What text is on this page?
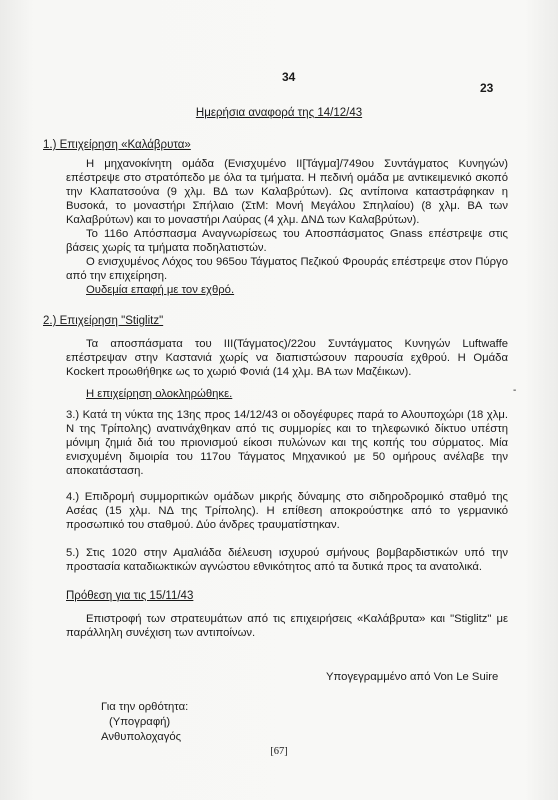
34
23
Ημερήσια αναφορά της 14/12/43
1.) Επιχείρηση «Καλάβρυτα»
Η μηχανοκίνητη ομάδα (Ενισχυμένο ΙΙ[Τάγμα]/749ου Συντάγματος Κυνηγών) επέστρεψε στο στρατόπεδο με όλα τα τμήματα. Η πεδινή ομάδα με αντικειμενικό σκοπό την Κλαπατσούνα (9 χλμ. ΒΔ των Καλαβρύτων). Ως αντίποινα καταστράφηκαν η Βυσοκά, το μοναστήρι Σπήλαιο (ΣτΜ: Μονή Μεγάλου Σπηλαίου) (8 χλμ. ΒΑ των Καλαβρύτων) και το μοναστήρι Λαύρας (4 χλμ. ΔΝΔ των Καλαβρύτων).
Το 116ο Απόσπασμα Αναγνωρίσεως του Αποσπάσματος Gnass επέστρεψε στις βάσεις χωρίς τα τμήματα ποδηλατιστών.
Ο ενισχυμένος Λόχος του 965ου Τάγματος Πεζικού Φρουράς επέστρεψε στον Πύργο από την επιχείρηση.
Ουδεμία επαφή με τον εχθρό.
2.) Επιχείρηση "Stiglitz"
Τα αποσπάσματα του ΙΙΙ(Τάγματος)/22ου Συντάγματος Κυνηγών Luftwaffe επέστρεψαν στην Καστανιά χωρίς να διαπιστώσουν παρουσία εχθρού. Η Ομάδα Kockert προωθήθηκε ως το χωριό Φονιά (14 χλμ. ΒΑ των Μαζέικων).
Η επιχείρηση ολοκληρώθηκε.	-
3.) Κατά τη νύκτα της 13ης προς 14/12/43 οι οδογέφυρες παρά το Αλουποχώρι (18 χλμ. Ν της Τρίπολης) ανατινάχθηκαν από τις συμμορίες και το τηλεφωνικό δίκτυο υπέστη μόνιμη ζημιά διά του πριονισμού είκοσι πυλώνων και της κοπής του σύρματος. Μία ενισχυμένη διμοιρία του 117ου Τάγματος Μηχανικού με 50 ομήρους ανέλαβε την αποκατάσταση.
4.) Επιδρομή συμμοριτικών ομάδων μικρής δύναμης στο σιδηροδρομικό σταθμό της Ασέας (15 χλμ. ΝΔ της Τρίπολης). Η επίθεση αποκρούστηκε από το γερμανικό προσωπικό του σταθμού. Δύο άνδρες τραυματίστηκαν.
5.) Στις 1020 στην Αμαλιάδα διέλευση ισχυρού σμήνους βομβαρδιστικών υπό την προστασία καταδιωκτικών αγνώστου εθνικότητος από τα δυτικά προς τα ανατολικά.
Πρόθεση για τις 15/11/43
Επιστροφή των στρατευμάτων από τις επιχειρήσεις «Καλάβρυτα» και "Stiglitz" με παράλληλη συνέχιση των αντιποίνων.
Υπογεγραμμένο από Von Le Suire
Για την ορθότητα:
(Υπογραφή)
Ανθυπολοχαγός
[67]
